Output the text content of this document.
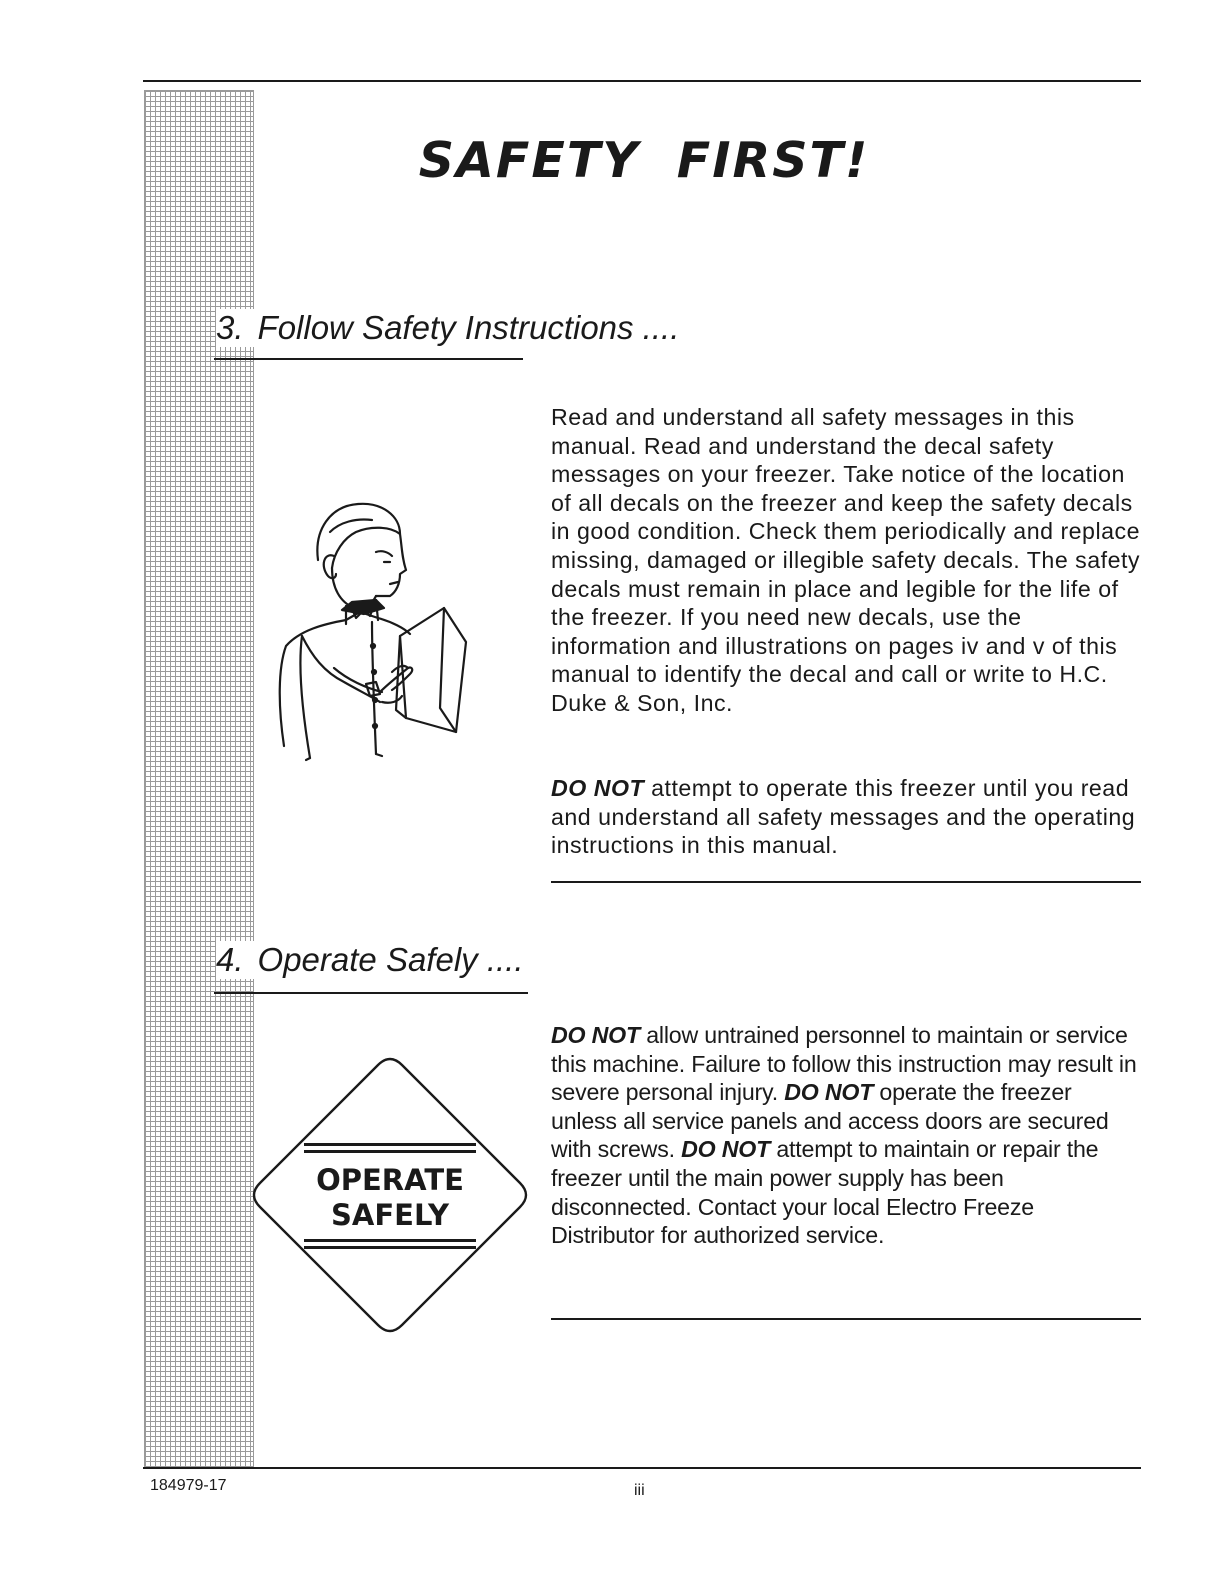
SAFETY FIRST!
3. Follow Safety Instructions ....

Read and understand all safety messages in this manual. Read and understand the decal safety messages on your freezer. Take notice of the location of all decals on the freezer and keep the safety decals in good condition. Check them periodically and replace missing, damaged or illegible safety decals. The safety decals must remain in place and legible for the life of the freezer. If you need new decals, use the information and illustrations on pages iv and v of this manual to identify the decal and call or write to H.C. Duke & Son, Inc.

DO NOT attempt to operate this freezer until you read and understand all safety messages and the operating instructions in this manual.

4. Operate Safely ....
OPERATE
SAFELY

DO NOT allow untrained personnel to maintain or service this machine. Failure to follow this instruction may result in severe personal injury. DO NOT operate the freezer unless all service panels and access doors are secured with screws. DO NOT attempt to maintain or repair the freezer until the main power supply has been disconnected. Contact your local Electro Freeze Distributor for authorized service.

184979-17	iii
